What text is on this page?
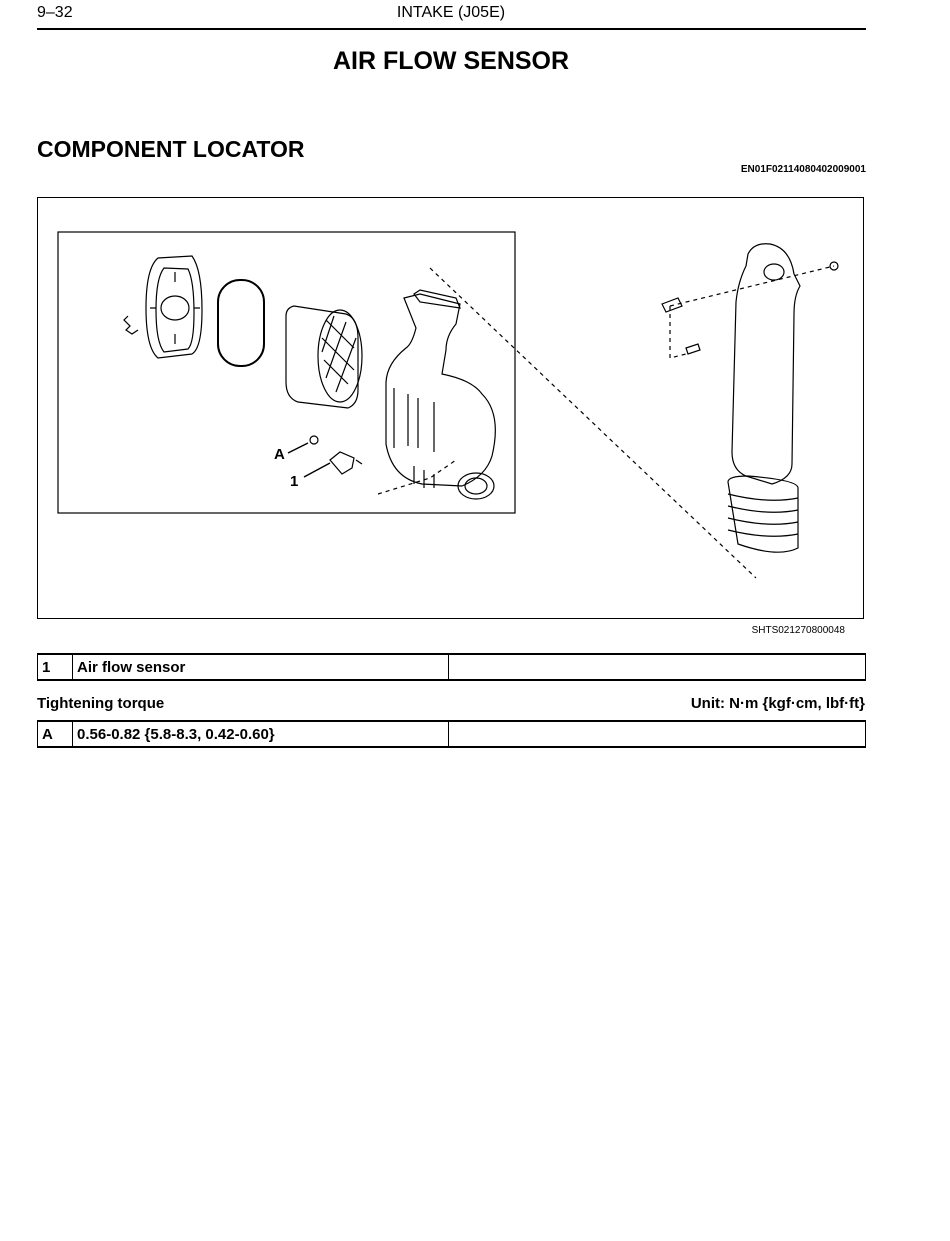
9–32	INTAKE (J05E)
AIR FLOW SENSOR
COMPONENT LOCATOR
EN01F02114080402009001
A
1
SHTS021270800048
1	Air flow sensor	
Tightening torque	Unit: N·m {kgf·cm, lbf·ft}
A	0.56-0.82 {5.8-8.3, 0.42-0.60}	
